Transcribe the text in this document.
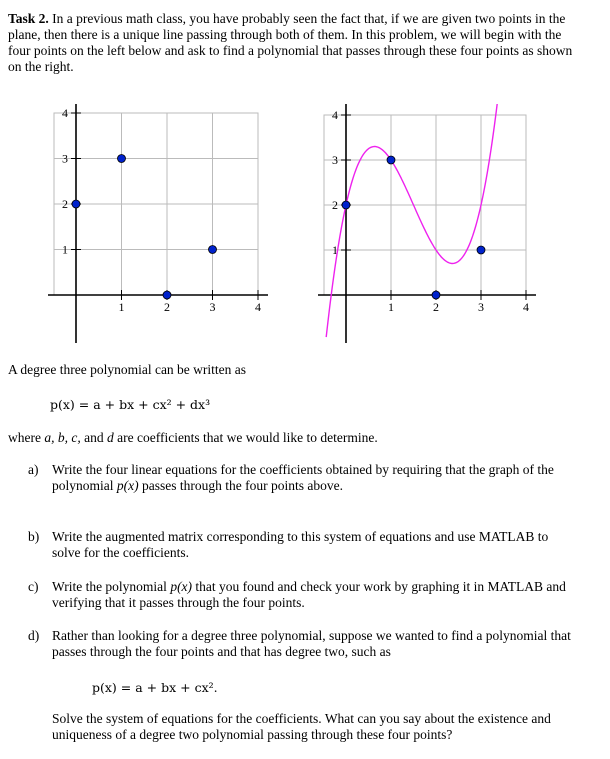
Task 2. In a previous math class, you have probably seen the fact that, if we are given two points in the plane, then there is a unique line passing through both of them. In this problem, we will begin with the four points on the left below and ask to find a polynomial that passes through these four points as shown on the right.
1	2	3	4
1
2
3
4
1	2	3	4
1
2
3
4
A degree three polynomial can be written as
p(x) = a + bx + cx² + dx³
where a, b, c, and d are coefficients that we would like to determine.
a) Write the four linear equations for the coefficients obtained by requiring that the graph of the polynomial p(x) passes through the four points above.
b) Write the augmented matrix corresponding to this system of equations and use MATLAB to solve for the coefficients.
c) Write the polynomial p(x) that you found and check your work by graphing it in MATLAB and verifying that it passes through the four points.
d) Rather than looking for a degree three polynomial, suppose we wanted to find a polynomial that passes through the four points and that has degree two, such as
p(x) = a + bx + cx².
Solve the system of equations for the coefficients. What can you say about the existence and uniqueness of a degree two polynomial passing through these four points?
